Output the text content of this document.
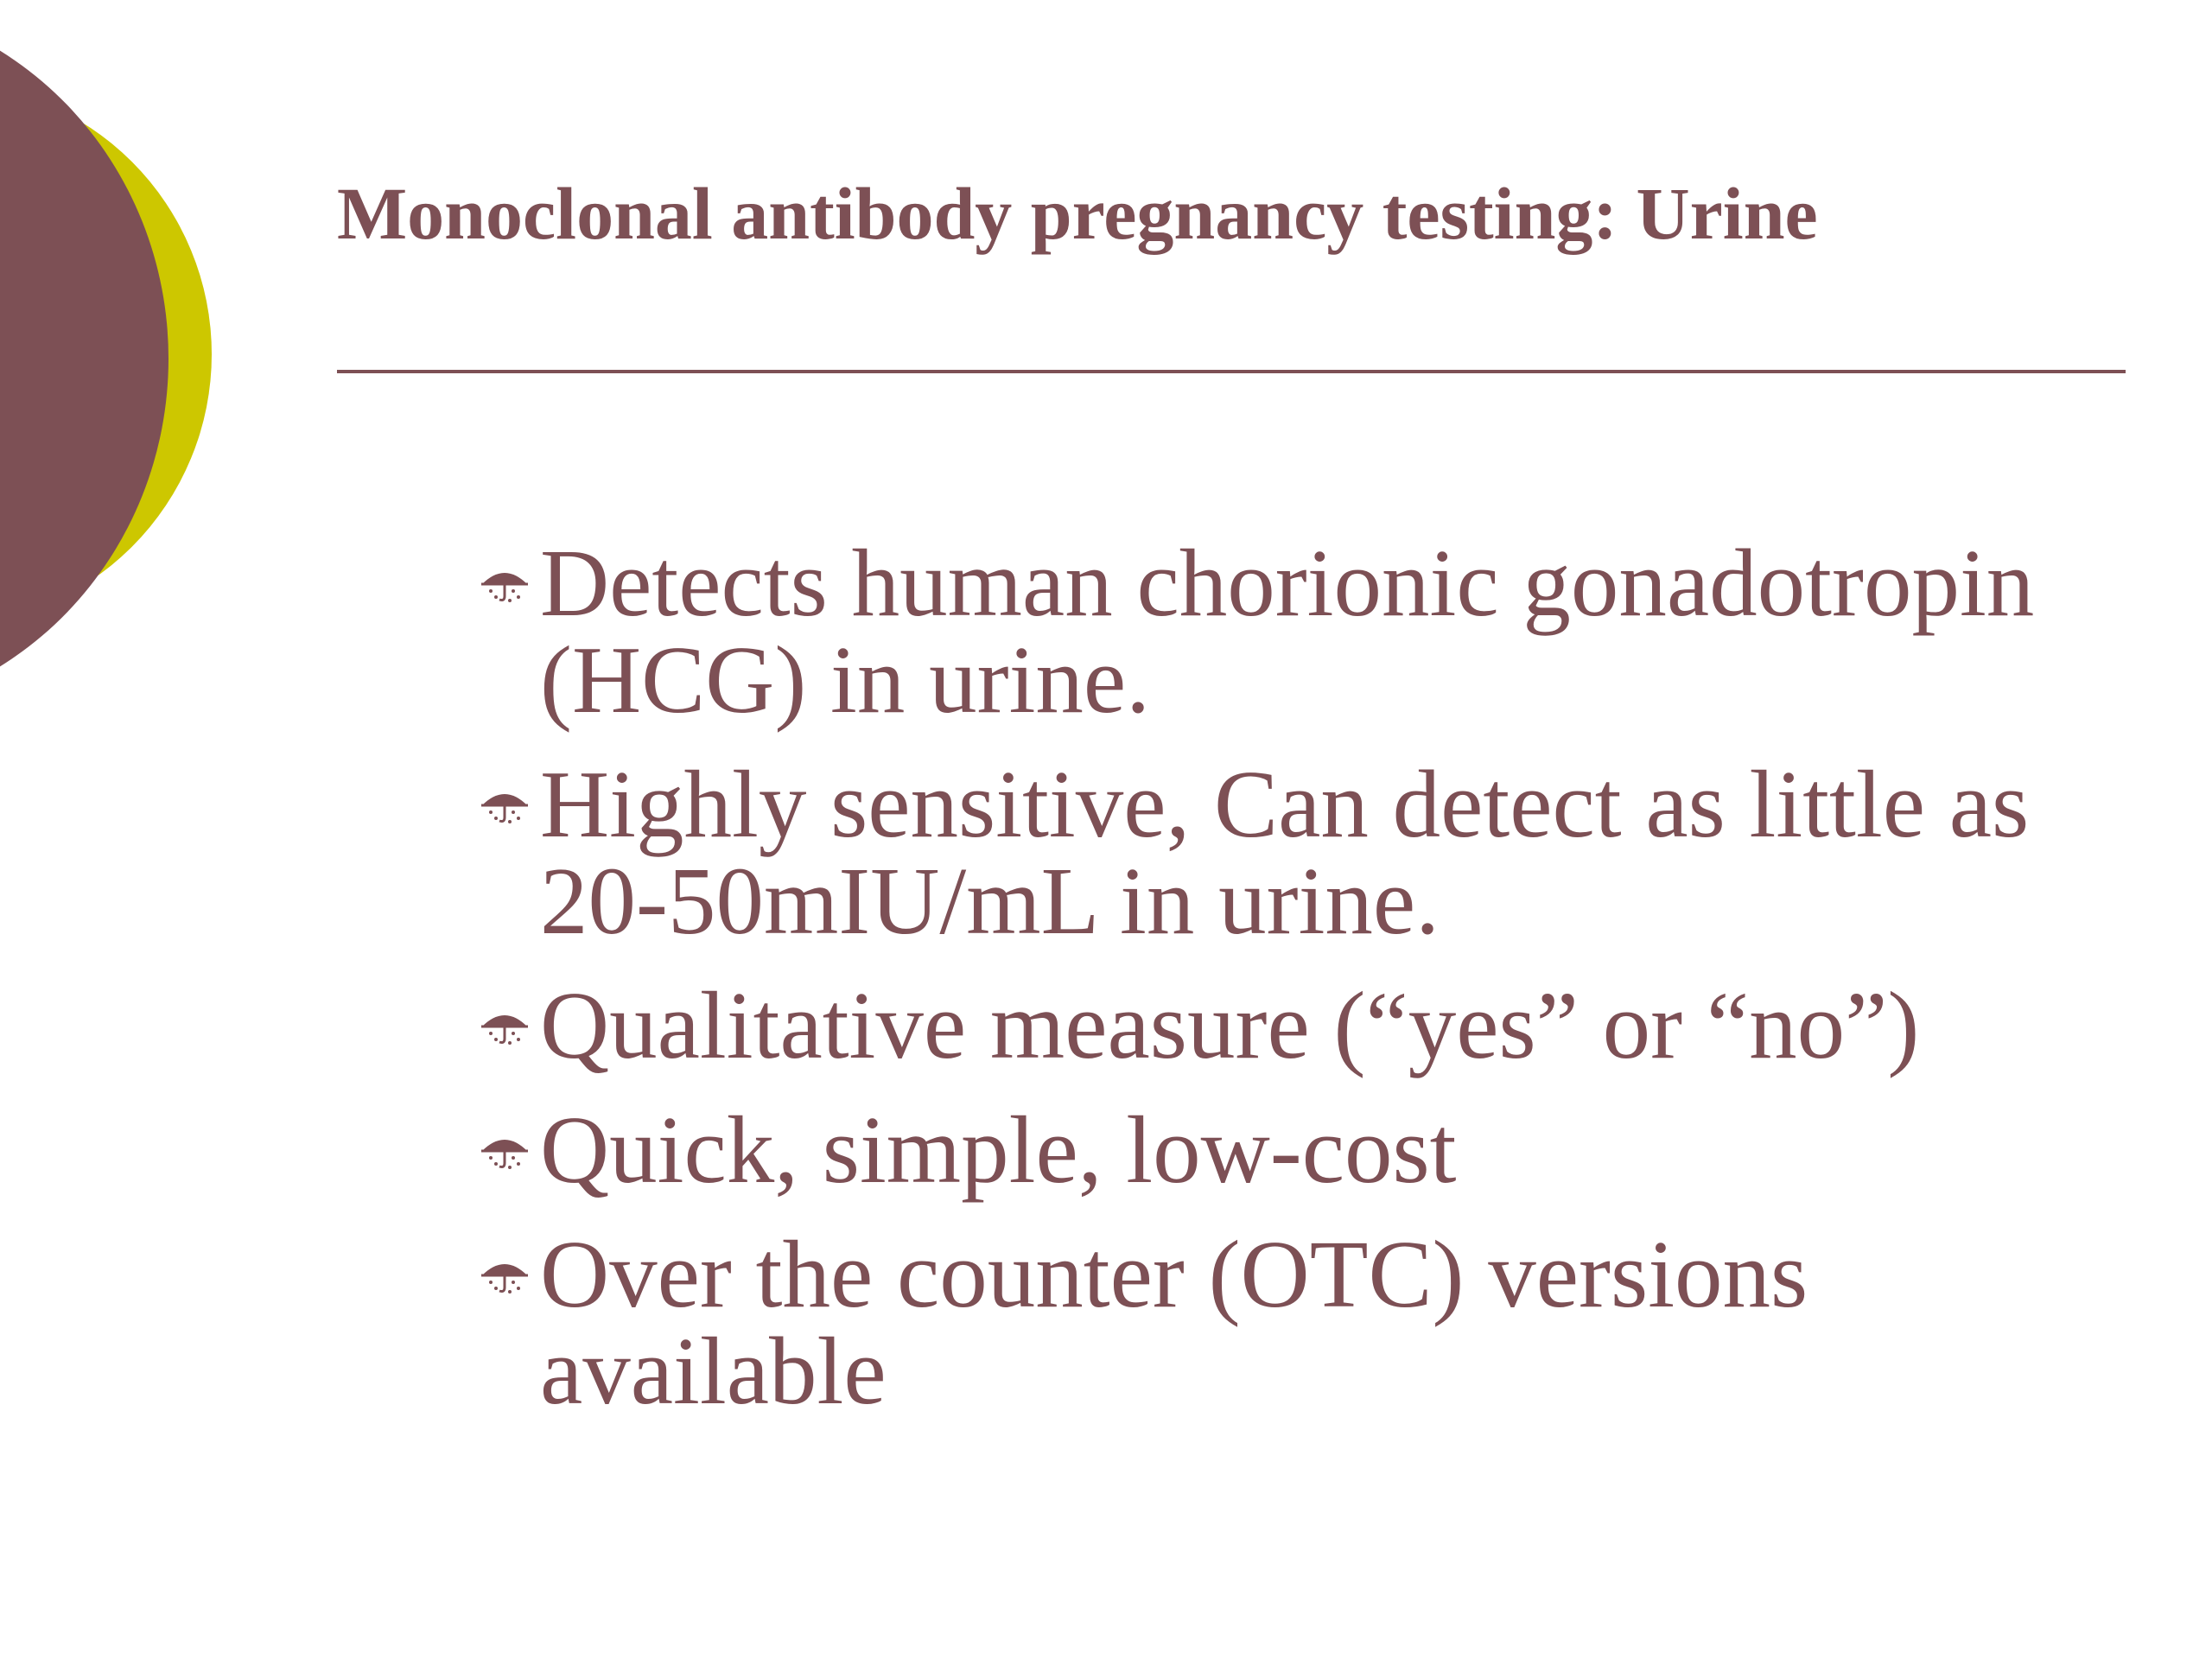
Monoclonal antibody pregnancy testing: Urine
Detects human chorionic gonadotropin (HCG) in urine.
Highly sensitive, Can detect as little as 20-50mIU/mL in urine.
Qualitative measure (“yes” or “no”)
Quick, simple, low-cost
Over the counter (OTC) versions available
